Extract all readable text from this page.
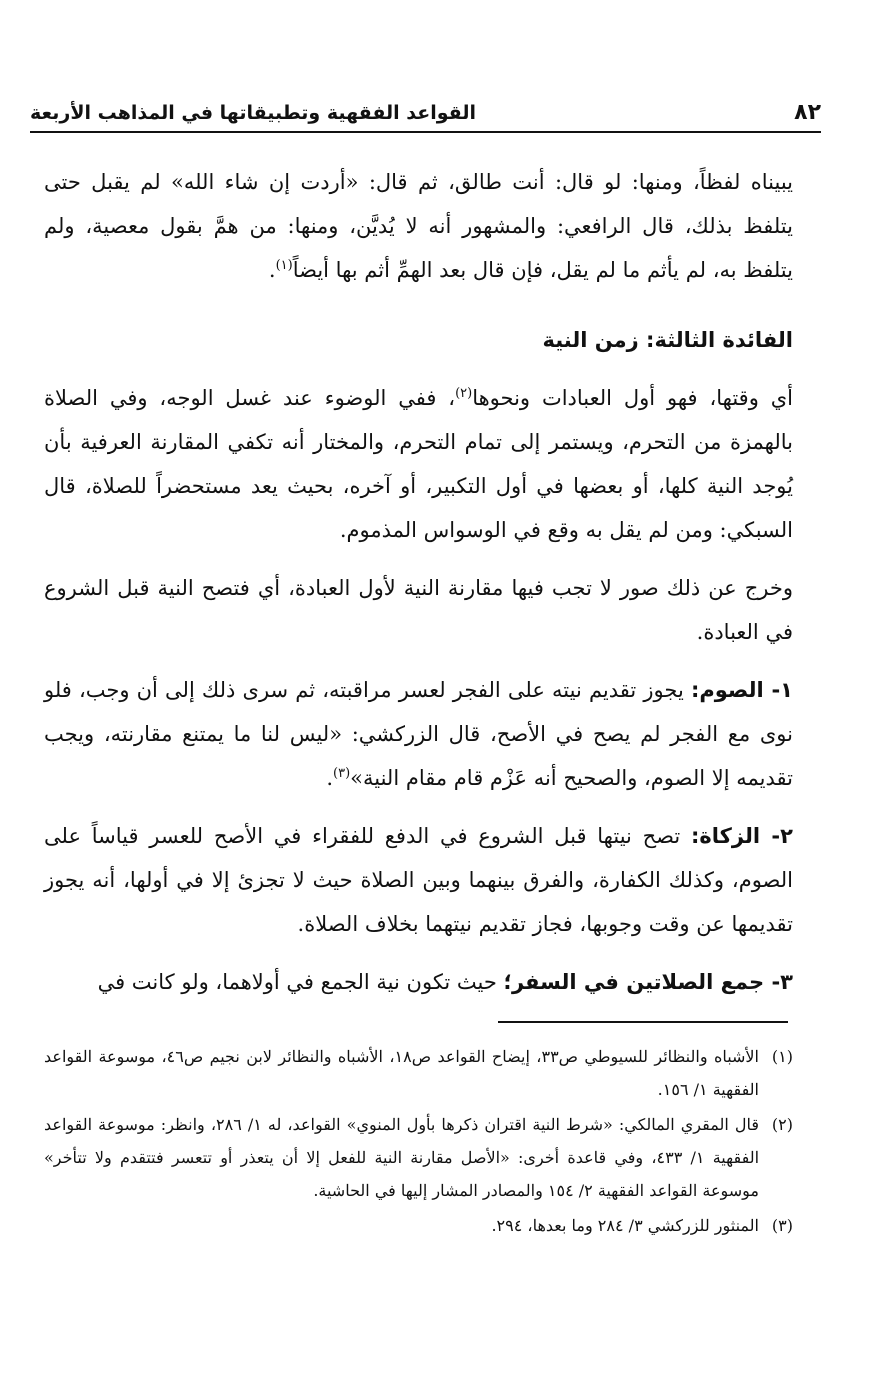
٨٢
القواعد الفقهية وتطبيقاتها في المذاهب الأربعة

يبيناه لفظاً، ومنها: لو قال: أنت طالق، ثم قال: «أردت إن شاء الله» لم يقبل حتى يتلفظ بذلك، قال الرافعي: والمشهور أنه لا يُديَّن، ومنها: من همَّ بقول معصية، ولم يتلفظ به، لم يأثم ما لم يقل، فإن قال بعد الهمِّ أثم بها أيضاً$^{(١)}$.

الفائدة الثالثة: زمن النية

أي وقتها، فهو أول العبادات ونحوها$^{(٢)}$، ففي الوضوء عند غسل الوجه، وفي الصلاة بالهمزة من التحرم، ويستمر إلى تمام التحرم، والمختار أنه تكفي المقارنة العرفية بأن يُوجد النية كلها، أو بعضها في أول التكبير، أو آخره، بحيث يعد مستحضراً للصلاة، قال السبكي: ومن لم يقل به وقع في الوسواس المذموم.

وخرج عن ذلك صور لا تجب فيها مقارنة النية لأول العبادة، أي فتصح النية قبل الشروع في العبادة.

١- الصوم: يجوز تقديم نيته على الفجر لعسر مراقبته، ثم سرى ذلك إلى أن وجب، فلو نوى مع الفجر لم يصح في الأصح، قال الزركشي: «ليس لنا ما يمتنع مقارنته، ويجب تقديمه إلا الصوم، والصحيح أنه عَزْم قام مقام النية»$^{(٣)}$.

٢- الزكاة: تصح نيتها قبل الشروع في الدفع للفقراء في الأصح للعسر قياساً على الصوم، وكذلك الكفارة، والفرق بينهما وبين الصلاة حيث لا تجزئ إلا في أولها، أنه يجوز تقديمها عن وقت وجوبها، فجاز تقديم نيتهما بخلاف الصلاة.

٣- جمع الصلاتين في السفر؛ حيث تكون نية الجمع في أولاهما، ولو كانت في

(١)
الأشباه والنظائر للسيوطي ص٣٣، إيضاح القواعد ص١٨، الأشباه والنظائر لابن نجيم ص٤٦، موسوعة القواعد الفقهية ١/ ١٥٦.
(٢)
قال المقري المالكي: «شرط النية اقتران ذكرها بأول المنوي» القواعد، له ١/ ٢٨٦، وانظر: موسوعة القواعد الفقهية ١/ ٤٣٣، وفي قاعدة أخرى: «الأصل مقارنة النية للفعل إلا أن يتعذر أو تتعسر فتتقدم ولا تتأخر» موسوعة القواعد الفقهية ٢/ ١٥٤ والمصادر المشار إليها في الحاشية.
(٣)
المنثور للزركشي ٣/ ٢٨٤ وما بعدها، ٢٩٤.
